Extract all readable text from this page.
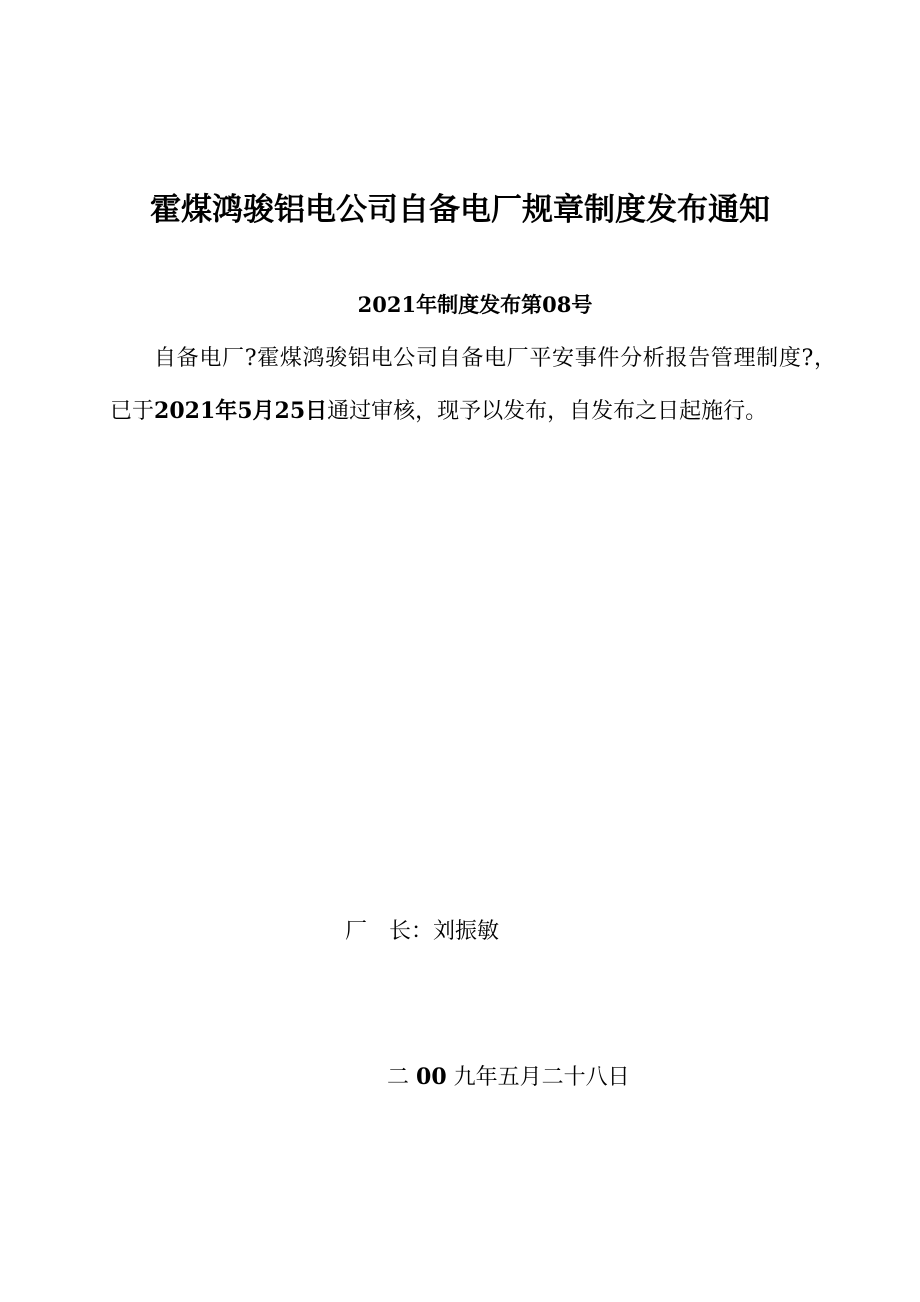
霍煤鸿骏铝电公司自备电厂规章制度发布通知
2021年制度发布第08号
自备电厂?霍煤鸿骏铝电公司自备电厂平安事件分析报告管理制度?，已于2021年5月25日通过审核，现予以发布，自发布之日起施行。
厂　长：刘振敏
二 00 九年五月二十八日
